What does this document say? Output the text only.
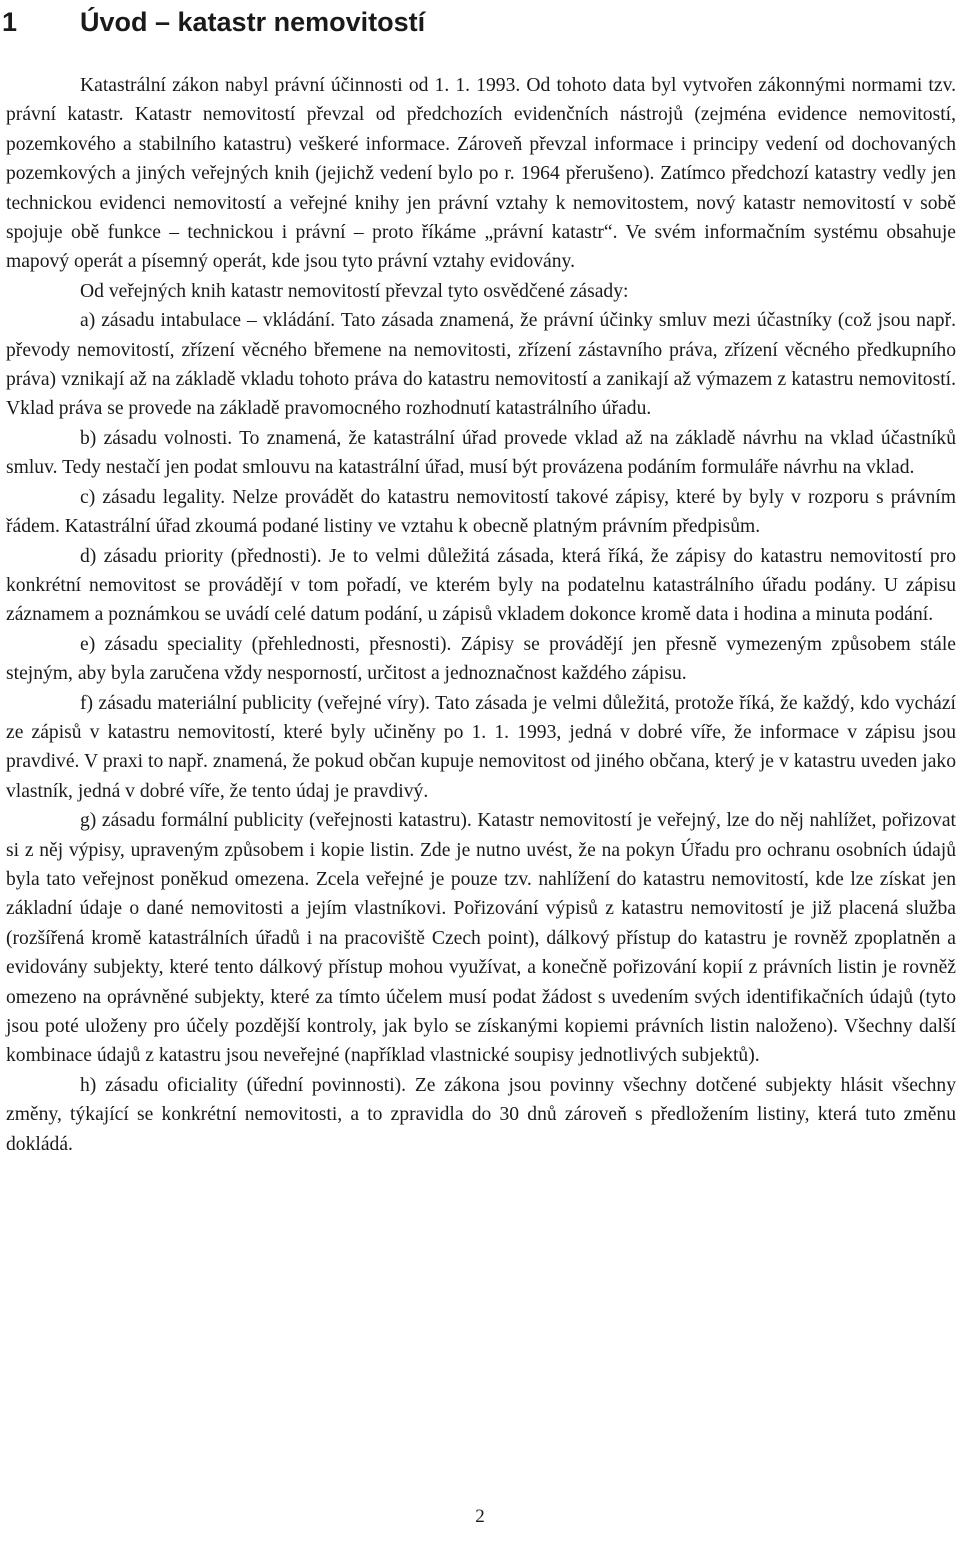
1 Úvod – katastr nemovitostí

Katastrální zákon nabyl právní účinnosti od 1. 1. 1993. Od tohoto data byl vytvořen zákonnými normami tzv. právní katastr. Katastr nemovitostí převzal od předchozích evidenčních nástrojů (zejména evidence nemovitostí, pozemkového a stabilního katastru) veškeré informace. Zároveň převzal informace i principy vedení od dochovaných pozemkových a jiných veřejných knih (jejichž vedení bylo po r. 1964 přerušeno). Zatímco předchozí katastry vedly jen technickou evidenci nemovitostí a veřejné knihy jen právní vztahy k nemovitostem, nový katastr nemovitostí v sobě spojuje obě funkce – technickou i právní – proto říkáme „právní katastr“. Ve svém informačním systému obsahuje mapový operát a písemný operát, kde jsou tyto právní vztahy evidovány.

Od veřejných knih katastr nemovitostí převzal tyto osvědčené zásady:

a) zásadu intabulace – vkládání. Tato zásada znamená, že právní účinky smluv mezi účastníky (což jsou např. převody nemovitostí, zřízení věcného břemene na nemovitosti, zřízení zástavního práva, zřízení věcného předkupního práva) vznikají až na základě vkladu tohoto práva do katastru nemovitostí a zanikají až výmazem z katastru nemovitostí. Vklad práva se provede na základě pravomocného rozhodnutí katastrálního úřadu.

b) zásadu volnosti. To znamená, že katastrální úřad provede vklad až na základě návrhu na vklad účastníků smluv. Tedy nestačí jen podat smlouvu na katastrální úřad, musí být provázena podáním formuláře návrhu na vklad.

c) zásadu legality. Nelze provádět do katastru nemovitostí takové zápisy, které by byly v rozporu s právním řádem. Katastrální úřad zkoumá podané listiny ve vztahu k obecně platným právním předpisům.

d) zásadu priority (přednosti). Je to velmi důležitá zásada, která říká, že zápisy do katastru nemovitostí pro konkrétní nemovitost se provádějí v tom pořadí, ve kterém byly na podatelnu katastrálního úřadu podány. U zápisu záznamem a poznámkou se uvádí celé datum podání, u zápisů vkladem dokonce kromě data i hodina a minuta podání.

e) zásadu speciality (přehlednosti, přesnosti). Zápisy se provádějí jen přesně vymezeným způsobem stále stejným, aby byla zaručena vždy nesporností, určitost a jednoznačnost každého zápisu.

f) zásadu materiální publicity (veřejné víry). Tato zásada je velmi důležitá, protože říká, že každý, kdo vychází ze zápisů v katastru nemovitostí, které byly učiněny po 1. 1. 1993, jedná v dobré víře, že informace v zápisu jsou pravdivé. V praxi to např. znamená, že pokud občan kupuje nemovitost od jiného občana, který je v katastru uveden jako vlastník, jedná v dobré víře, že tento údaj je pravdivý.

g) zásadu formální publicity (veřejnosti katastru). Katastr nemovitostí je veřejný, lze do něj nahlížet, pořizovat si z něj výpisy, upraveným způsobem i kopie listin. Zde je nutno uvést, že na pokyn Úřadu pro ochranu osobních údajů byla tato veřejnost poněkud omezena. Zcela veřejné je pouze tzv. nahlížení do katastru nemovitostí, kde lze získat jen základní údaje o dané nemovitosti a jejím vlastníkovi. Pořizování výpisů z katastru nemovitostí je již placená služba (rozšířená kromě katastrálních úřadů i na pracoviště Czech point), dálkový přístup do katastru je rovněž zpoplatněn a evidovány subjekty, které tento dálkový přístup mohou využívat, a konečně pořizování kopií z právních listin je rovněž omezeno na oprávněné subjekty, které za tímto účelem musí podat žádost s uvedením svých identifikačních údajů (tyto jsou poté uloženy pro účely pozdější kontroly, jak bylo se získanými kopiemi právních listin naloženo). Všechny další kombinace údajů z katastru jsou neveřejné (například vlastnické soupisy jednotlivých subjektů).

h) zásadu oficiality (úřední povinnosti). Ze zákona jsou povinny všechny dotčené subjekty hlásit všechny změny, týkající se konkrétní nemovitosti, a to zpravidla do 30 dnů zároveň s předložením listiny, která tuto změnu dokládá.

2
